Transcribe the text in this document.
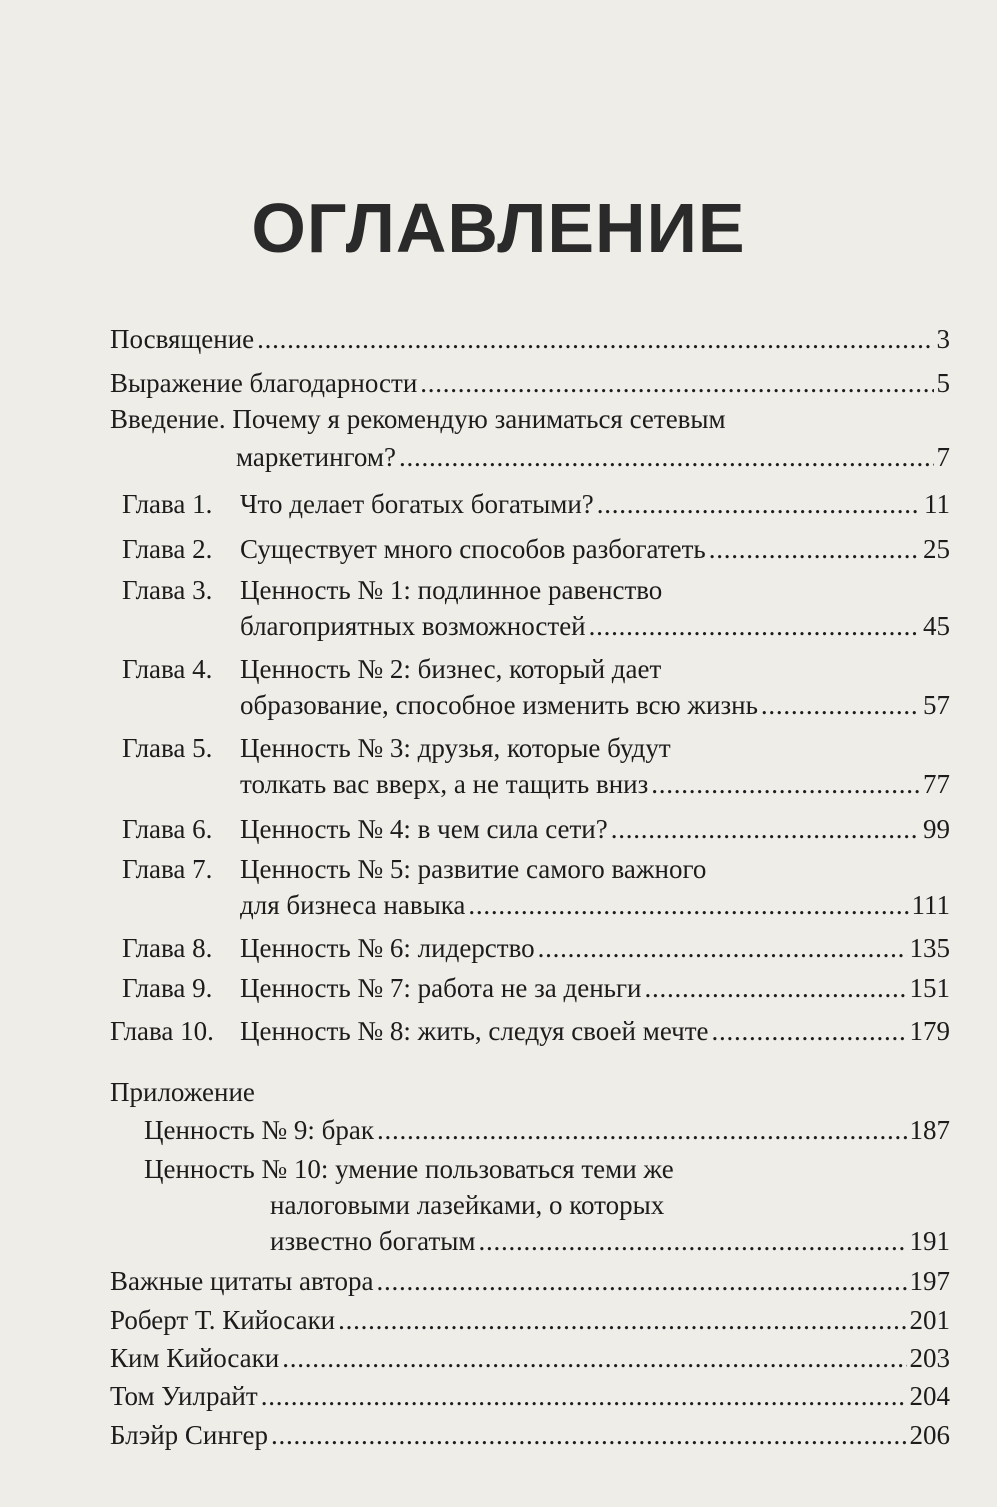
ОГЛАВЛЕНИЕ
Посвящение . . .	3
Выражение благодарности . . .	5
Введение. Почему я рекомендую заниматься сетевым
маркетингом? . . .	7
Глава 1.	Что делает богатых богатыми? . . .	11
Глава 2.	Существует много способов разбогатеть . . .	25
Глава 3. Ценность № 1: подлинное равенство
благоприятных возможностей . . .	45
Глава 4. Ценность № 2: бизнес, который дает
образование, способное изменить всю жизнь . . .	57
Глава 5. Ценность № 3: друзья, которые будут
толкать вас вверх, а не тащить вниз . . .	77
Глава 6.	Ценность № 4: в чем сила сети? . . .	99
Глава 7. Ценность № 5: развитие самого важного
для бизнеса навыка . . .	111
Глава 8.	Ценность № 6: лидерство . . .	135
Глава 9.	Ценность № 7: работа не за деньги . . .	151
Глава 10. Ценность № 8: жить, следуя своей мечте . . .	179
Приложение
Ценность № 9: брак . . .	187
Ценность № 10: умение пользоваться теми же
налоговыми лазейками, о которых
известно богатым . . .	191
Важные цитаты автора . . .	197
Роберт Т. Кийосаки . . .	201
Ким Кийосаки . . .	203
Том Уилрайт . . .	204
Блэйр Сингер . . .	206
